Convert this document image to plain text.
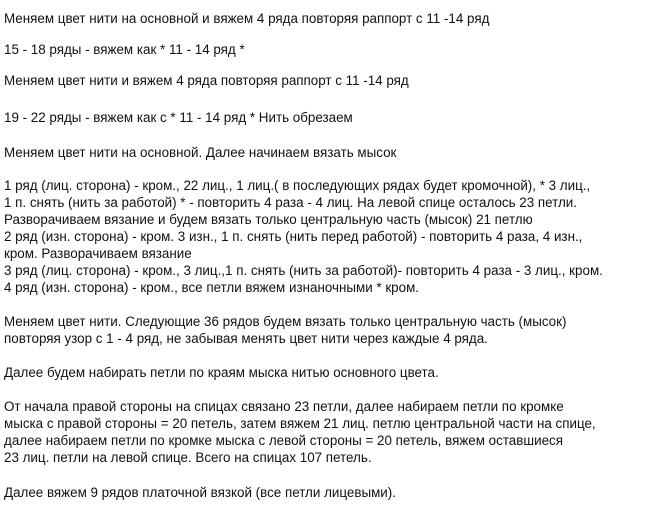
Меняем цвет нити на основной и вяжем 4 ряда повторяя раппорт с 11 -14 ряд
15 - 18 ряды - вяжем как * 11 - 14 ряд *
Меняем цвет нити и вяжем 4 ряда повторяя раппорт с 11 -14 ряд
19 - 22 ряды - вяжем как с * 11 - 14 ряд * Нить обрезаем
Меняем цвет нити на основной. Далее начинаем вязать мысок
1 ряд (лиц. сторона) - кром., 22 лиц., 1 лиц.( в последующих рядах будет кромочной), * 3 лиц.,
1 п. снять (нить за работой) * - повторить 4 раза - 4 лиц. На левой спице осталось 23 петли.
Разворачиваем вязание и будем вязать только центральную часть (мысок) 21 петлю
2 ряд (изн. сторона) - кром. 3 изн., 1 п. снять (нить перед работой) - повторить 4 раза, 4 изн.,
кром. Разворачиваем вязание
3 ряд (лиц. сторона) - кром., 3 лиц.,1 п. снять (нить за работой)- повторить 4 раза - 3 лиц., кром.
4 ряд (изн. сторона) - кром., все петли вяжем изнаночными * кром.
Меняем цвет нити. Следующие 36 рядов будем вязать только центральную часть (мысок)
повторяя узор с 1 - 4 ряд, не забывая менять цвет нити через каждые 4 ряда.
Далее будем набирать петли по краям мыска нитью основного цвета.
От начала правой стороны на спицах связано 23 петли, далее набираем петли по кромке
мыска с правой стороны = 20 петель, затем вяжем 21 лиц. петлю центральной части на спице,
далее набираем петли по кромке мыска с левой стороны = 20 петель, вяжем оставшиеся
23 лиц. петли на левой спице. Всего на спицах 107 петель.
Далее вяжем 9 рядов платочной вязкой (все петли лицевыми).
